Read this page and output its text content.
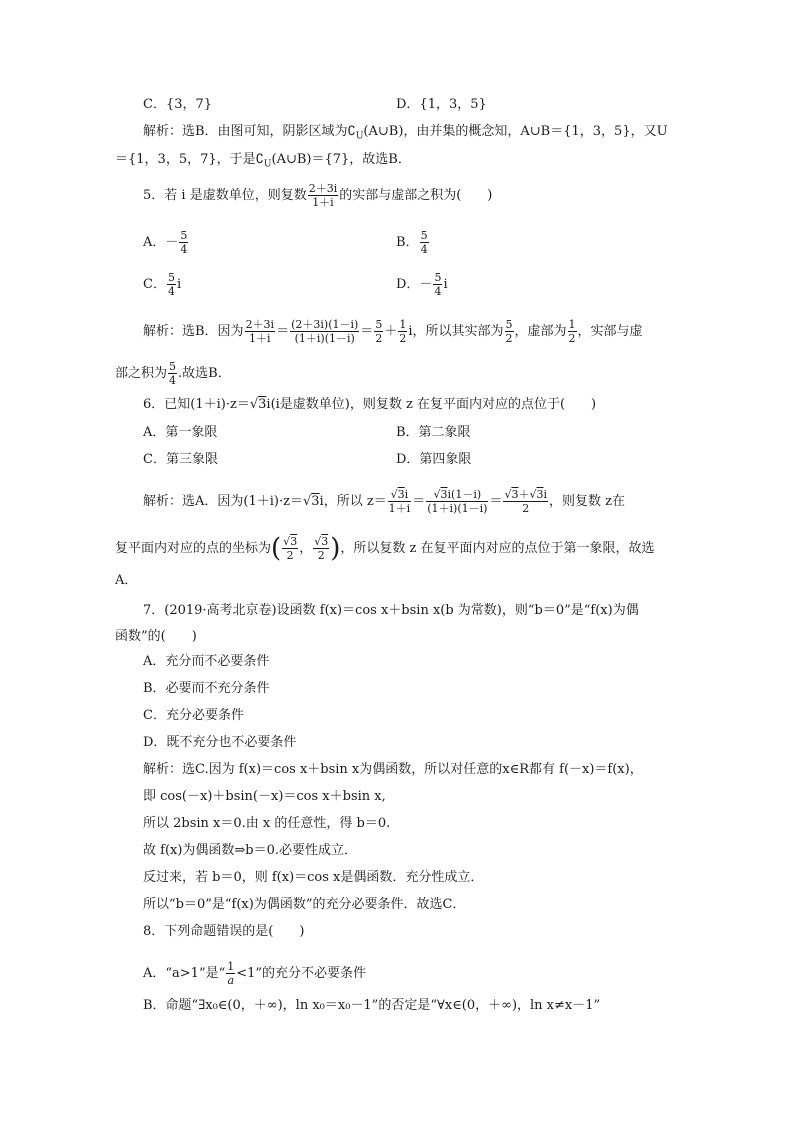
C．{3，7}	D．{1，3，5}
解析：选B．由图可知，阴影区域为$∁_U(A\cup B)$，由并集的概念知，A∪B＝{1，3，5}，又U
＝{1，3，5，7}，于是$∁_U(A\cup B)=\{7\}$，故选B．
5．若 i 是虚数单位，则复数 $\frac{2+3i}{1+i}$ 的实部与虚部之积为(　　)
A．－ $\frac{5}{4}$	B． $\frac{5}{4}$
C． $\frac{5}{4}$ i	D．－ $\frac{5}{4}$ i
解析：选B．因为 $\frac{2+3i}{1+i} = \frac{(2+3i)(1-i)}{(1+i)(1-i)} = \frac{5}{2} + \frac{1}{2}$ i，所以其实部为 $\frac{5}{2}$ ，虚部为 $\frac{1}{2}$ ，实部与虚
部之积为 $\frac{5}{4}$ .故选B．
6．已知(1＋i)·z＝√3i(i是虚数单位)，则复数 z 在复平面内对应的点位于(　　)
A．第一象限	B．第二象限
C．第三象限	D．第四象限
解析：选A．因为(1＋i)·z＝√3i，所以 $z= \frac{√3i}{1+i} = \frac{√3i(1-i)}{(1+i)(1-i)} = \frac{√3+√3i}{2}$ ，则复数 z在
复平面内对应的点的坐标为( $\frac{√3}{2}$ ， $\frac{√3}{2}$ )，所以复数 z 在复平面内对应的点位于第一象限，故选
A．
7．(2019·高考北京卷)设函数 f(x)＝cos x＋bsin x(b 为常数)，则“b＝0”是“f(x)为偶
函数”的(　　)
A．充分而不必要条件
B．必要而不充分条件
C．充分必要条件
D．既不充分也不必要条件
解析：选C.因为 f(x)＝cos x＋bsin x为偶函数，所以对任意的x∈R都有 f(－x)＝f(x)，
即 cos(－x)＋bsin(－x)＝cos x＋bsin x,
所以 2bsin x＝0.由 x 的任意性，得 b＝0.
故 f(x)为偶函数⇒b＝0.必要性成立．
反过来，若 b＝0，则 f(x)＝cos x是偶函数．充分性成立．
所以“b＝0”是“f(x)为偶函数”的充分必要条件．故选C．
8．下列命题错误的是(　　)
A．“a>1”是“ $\frac{1}{a} <1$”的充分不必要条件
B．命题“∃x₀∈(0，＋∞)，ln x₀＝x₀－1”的否定是“∀x∈(0，＋∞)，ln x≠x－1”
